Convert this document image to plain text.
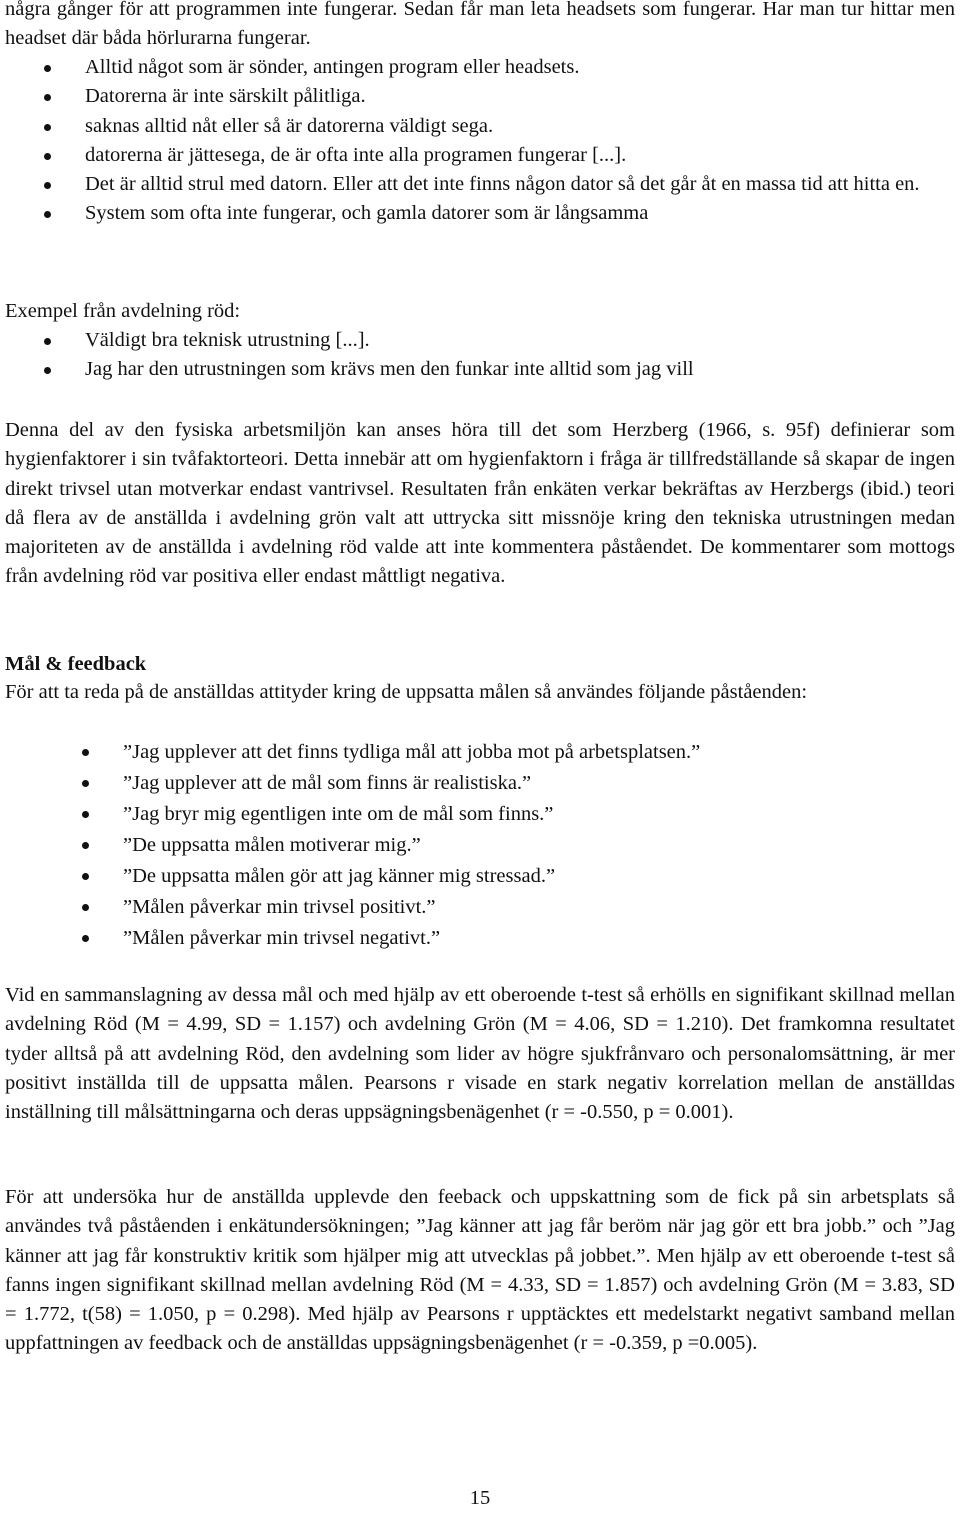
några gånger för att programmen inte fungerar. Sedan får man leta headsets som fungerar. Har man tur hittar men headset där båda hörlurarna fungerar.

Alltid något som är sönder, antingen program eller headsets.
Datorerna är inte särskilt pålitliga.
saknas alltid nåt eller så är datorerna väldigt sega.
datorerna är jättesega, de är ofta inte alla programen fungerar [...].
Det är alltid strul med datorn. Eller att det inte finns någon dator så det går åt en massa tid att hitta en.
System som ofta inte fungerar, och gamla datorer som är långsamma

Exempel från avdelning röd:

Väldigt bra teknisk utrustning [...].
Jag har den utrustningen som krävs men den funkar inte alltid som jag vill

Denna del av den fysiska arbetsmiljön kan anses höra till det som Herzberg (1966, s. 95f) definierar som hygienfaktorer i sin tvåfaktorteori. Detta innebär att om hygienfaktorn i fråga är tillfredställande så skapar de ingen direkt trivsel utan motverkar endast vantrivsel. Resultaten från enkäten verkar bekräftas av Herzbergs (ibid.) teori då flera av de anställda i avdelning grön valt att uttrycka sitt missnöje kring den tekniska utrustningen medan majoriteten av de anställda i avdelning röd valde att inte kommentera påståendet. De kommentarer som mottogs från avdelning röd var positiva eller endast måttligt negativa.

Mål & feedback

För att ta reda på de anställdas attityder kring de uppsatta målen så användes följande påståenden:

”Jag upplever att det finns tydliga mål att jobba mot på arbetsplatsen.”
”Jag upplever att de mål som finns är realistiska.”
”Jag bryr mig egentligen inte om de mål som finns.”
”De uppsatta målen motiverar mig.”
”De uppsatta målen gör att jag känner mig stressad.”
”Målen påverkar min trivsel positivt.”
”Målen påverkar min trivsel negativt.”

Vid en sammanslagning av dessa mål och med hjälp av ett oberoende t-test så erhölls en signifikant skillnad mellan avdelning Röd (M = 4.99, SD = 1.157) och avdelning Grön (M = 4.06, SD = 1.210). Det framkomna resultatet tyder alltså på att avdelning Röd, den avdelning som lider av högre sjukfrånvaro och personalomsättning, är mer positivt inställda till de uppsatta målen. Pearsons r visade en stark negativ korrelation mellan de anställdas inställning till målsättningarna och deras uppsägningsbenägenhet (r = -0.550, p = 0.001).

För att undersöka hur de anställda upplevde den feeback och uppskattning som de fick på sin arbetsplats så användes två påståenden i enkätundersökningen; ”Jag känner att jag får beröm när jag gör ett bra jobb.” och ”Jag känner att jag får konstruktiv kritik som hjälper mig att utvecklas på jobbet.”. Men hjälp av ett oberoende t-test så fanns ingen signifikant skillnad mellan avdelning Röd (M = 4.33, SD = 1.857) och avdelning Grön (M = 3.83, SD = 1.772, t(58) = 1.050, p = 0.298). Med hjälp av Pearsons r upptäcktes ett medelstarkt negativt samband mellan uppfattningen av feedback och de anställdas uppsägningsbenägenhet (r = -0.359, p =0.005).

15
